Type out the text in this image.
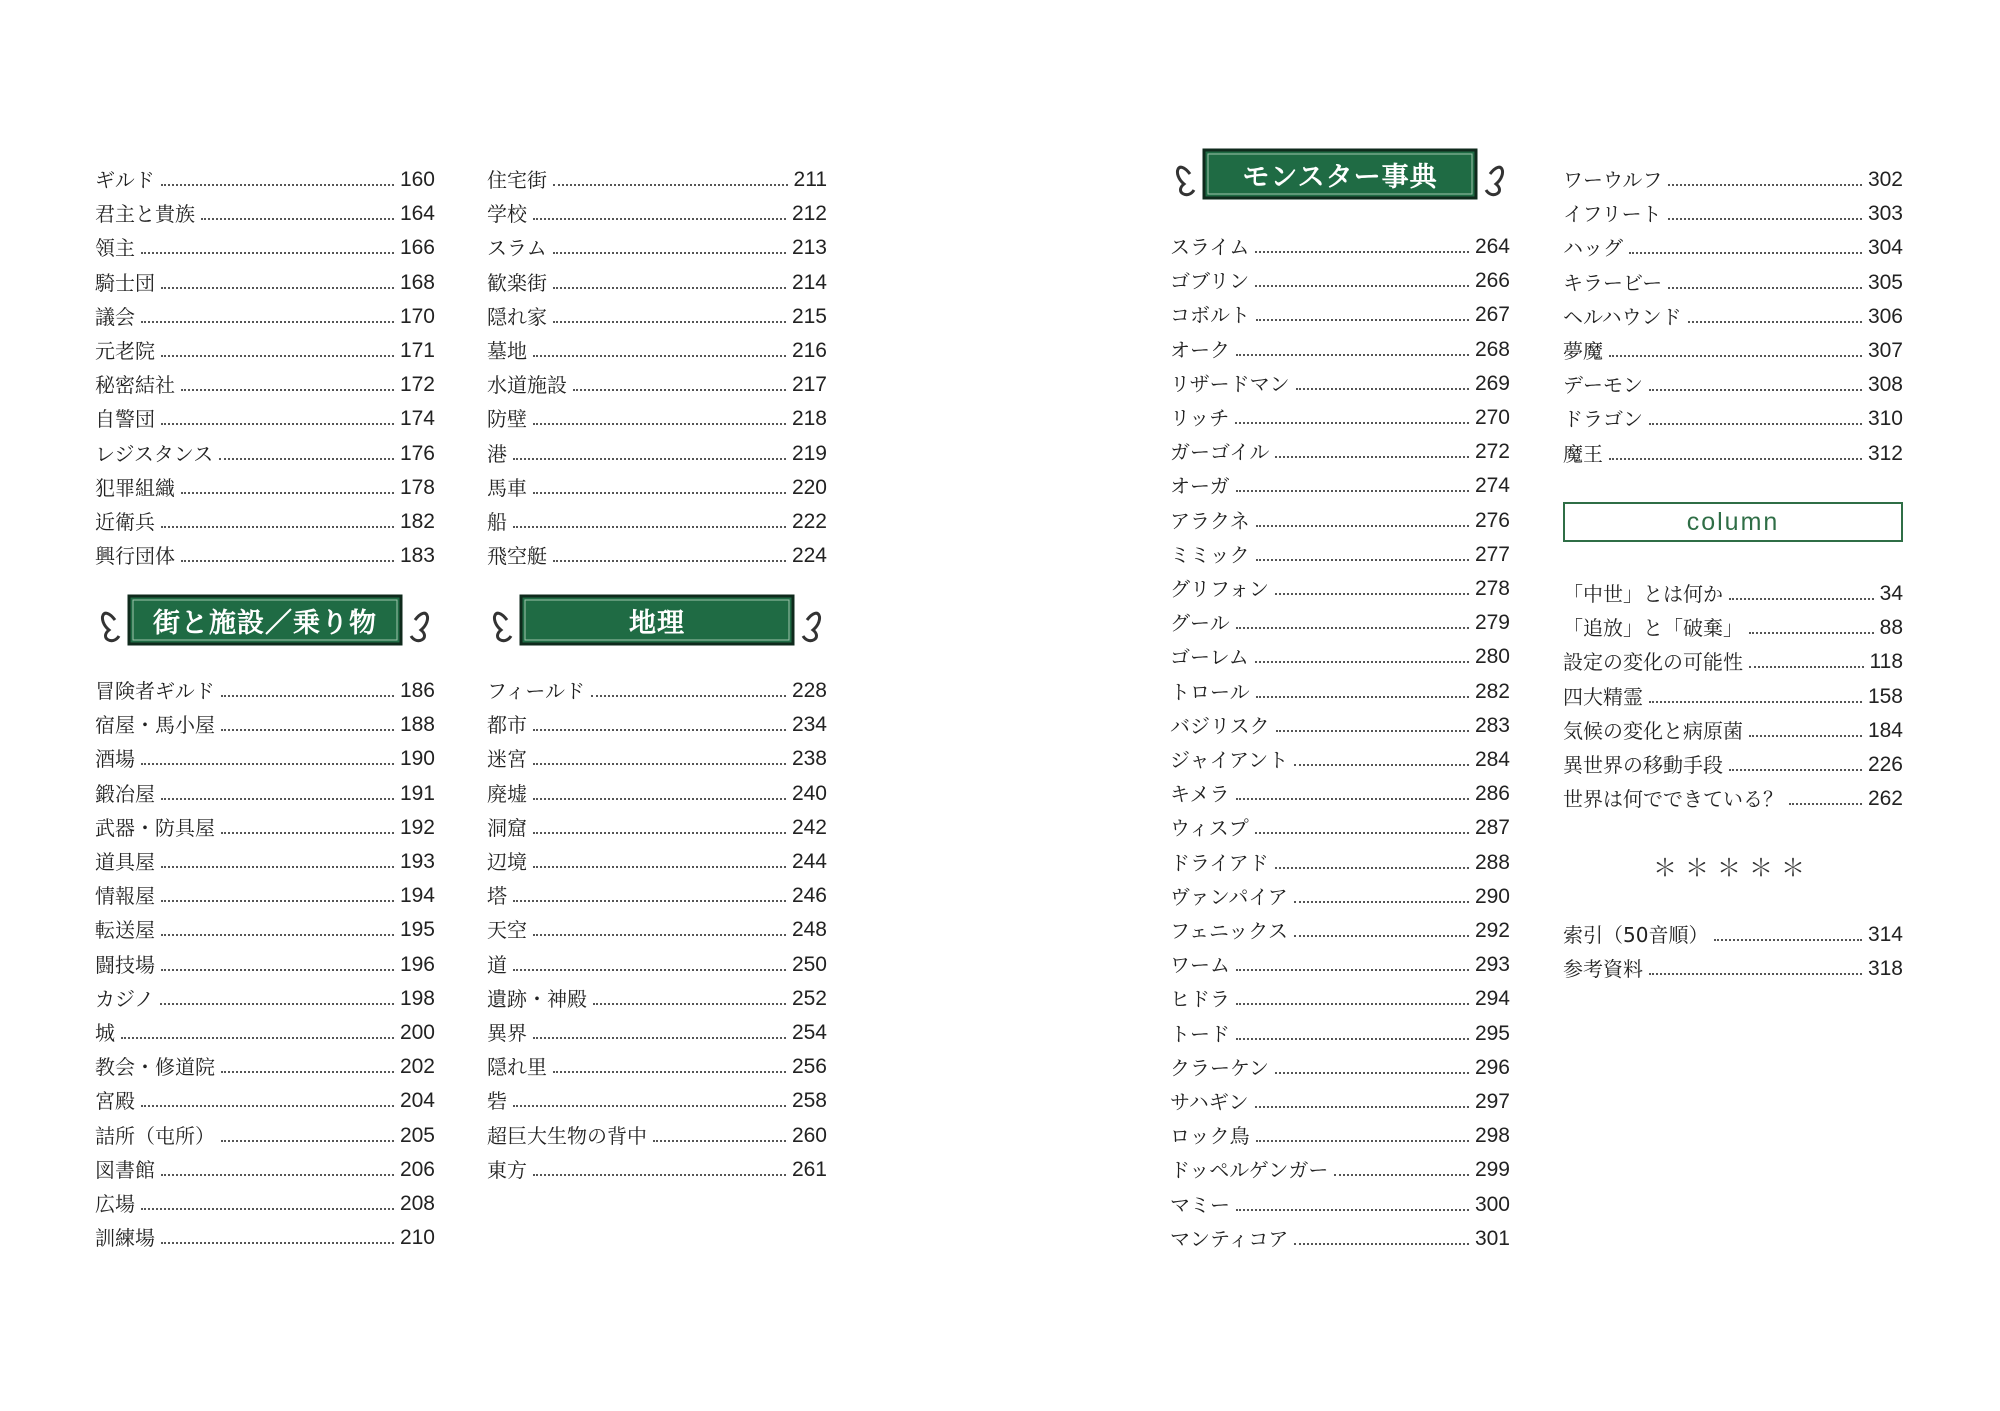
ギルド	160
君主と貴族	164
領主	166
騎士団	168
議会	170
元老院	171
秘密結社	172
自警団	174
レジスタンス	176
犯罪組織	178
近衛兵	182
興行団体	183
住宅街	211
学校	212
スラム	213
歓楽街	214
隠れ家	215
墓地	216
水道施設	217
防壁	218
港	219
馬車	220
船	222
飛空艇	224
街と施設／乗り物	地理
冒険者ギルド	186
宿屋・馬小屋	188
酒場	190
鍛冶屋	191
武器・防具屋	192
道具屋	193
情報屋	194
転送屋	195
闘技場	196
カジノ	198
城	200
教会・修道院	202
宮殿	204
詰所（屯所）	205
図書館	206
広場	208
訓練場	210
フィールド	228
都市	234
迷宮	238
廃墟	240
洞窟	242
辺境	244
塔	246
天空	248
道	250
遺跡・神殿	252
異界	254
隠れ里	256
砦	258
超巨大生物の背中	260
東方	261
モンスター事典
スライム	264
ゴブリン	266
コボルト	267
オーク	268
リザードマン	269
リッチ	270
ガーゴイル	272
オーガ	274
アラクネ	276
ミミック	277
グリフォン	278
グール	279
ゴーレム	280
トロール	282
バジリスク	283
ジャイアント	284
キメラ	286
ウィスプ	287
ドライアド	288
ヴァンパイア	290
フェニックス	292
ワーム	293
ヒドラ	294
トード	295
クラーケン	296
サハギン	297
ロック鳥	298
ドッペルゲンガー	299
マミー	300
マンティコア	301
ワーウルフ	302
イフリート	303
ハッグ	304
キラービー	305
ヘルハウンド	306
夢魔	307
デーモン	308
ドラゴン	310
魔王	312
column
「中世」とは何か	34
「追放」と「破棄」	88
設定の変化の可能性	118
四大精霊	158
気候の変化と病原菌	184
異世界の移動手段	226
世界は何でできている？	262
＊＊＊＊＊
索引（50音順）	314
参考資料	318
